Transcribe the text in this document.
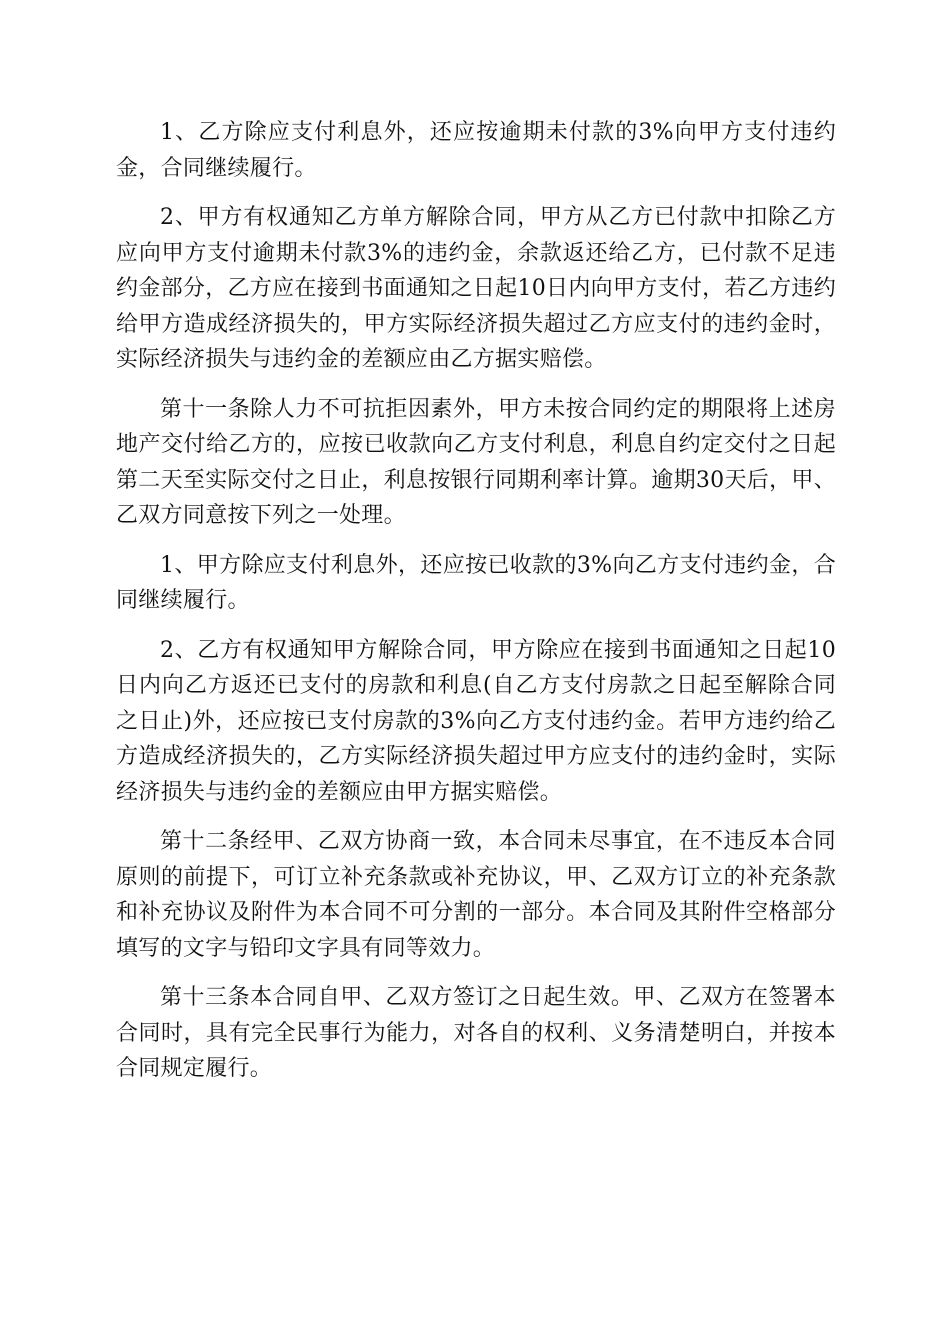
1、乙方除应支付利息外，还应按逾期未付款的3%向甲方支付违约金，合同继续履行。

2、甲方有权通知乙方单方解除合同，甲方从乙方已付款中扣除乙方应向甲方支付逾期未付款3%的违约金，余款返还给乙方，已付款不足违约金部分，乙方应在接到书面通知之日起10日内向甲方支付，若乙方违约给甲方造成经济损失的，甲方实际经济损失超过乙方应支付的违约金时，实际经济损失与违约金的差额应由乙方据实赔偿。

第十一条除人力不可抗拒因素外，甲方未按合同约定的期限将上述房地产交付给乙方的，应按已收款向乙方支付利息，利息自约定交付之日起第二天至实际交付之日止，利息按银行同期利率计算。逾期30天后，甲、乙双方同意按下列之一处理。

1、甲方除应支付利息外，还应按已收款的3%向乙方支付违约金，合同继续履行。

2、乙方有权通知甲方解除合同，甲方除应在接到书面通知之日起10日内向乙方返还已支付的房款和利息(自乙方支付房款之日起至解除合同之日止)外，还应按已支付房款的3%向乙方支付违约金。若甲方违约给乙方造成经济损失的，乙方实际经济损失超过甲方应支付的违约金时，实际经济损失与违约金的差额应由甲方据实赔偿。

第十二条经甲、乙双方协商一致，本合同未尽事宜，在不违反本合同原则的前提下，可订立补充条款或补充协议，甲、乙双方订立的补充条款和补充协议及附件为本合同不可分割的一部分。本合同及其附件空格部分填写的文字与铅印文字具有同等效力。

第十三条本合同自甲、乙双方签订之日起生效。甲、乙双方在签署本合同时，具有完全民事行为能力，对各自的权利、义务清楚明白，并按本合同规定履行。
